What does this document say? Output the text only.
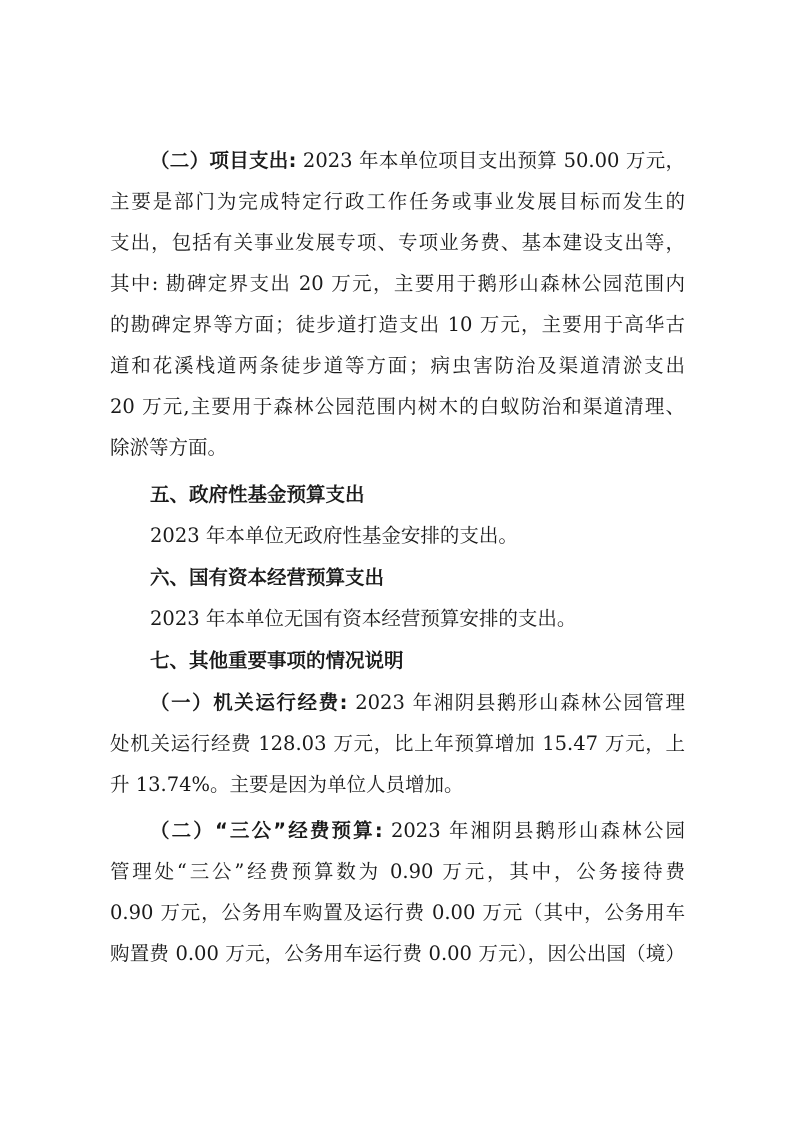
（二）项目支出: 2023 年本单位项目支出预算 50.00 万元，
主要是部门为完成特定行政工作任务或事业发展目标而发生的
支出，包括有关事业发展专项、专项业务费、基本建设支出等，
其中: 勘碑定界支出 20 万元，主要用于鹅形山森林公园范围内
的勘碑定界等方面；徒步道打造支出 10 万元，主要用于高华古
道和花溪栈道两条徒步道等方面；病虫害防治及渠道清淤支出
20 万元,主要用于森林公园范围内树木的白蚁防治和渠道清理、
除淤等方面。
五、政府性基金预算支出
2023 年本单位无政府性基金安排的支出。
六、国有资本经营预算支出
2023 年本单位无国有资本经营预算安排的支出。
七、其他重要事项的情况说明
（一）机关运行经费: 2023 年湘阴县鹅形山森林公园管理
处机关运行经费 128.03 万元，比上年预算增加 15.47 万元，上
升 13.74%。主要是因为单位人员增加。
（二）“三公”经费预算: 2023 年湘阴县鹅形山森林公园
管理处“三公”经费预算数为 0.90 万元，其中，公务接待费
0.90 万元，公务用车购置及运行费 0.00 万元（其中，公务用车
购置费 0.00 万元，公务用车运行费 0.00 万元），因公出国（境）
